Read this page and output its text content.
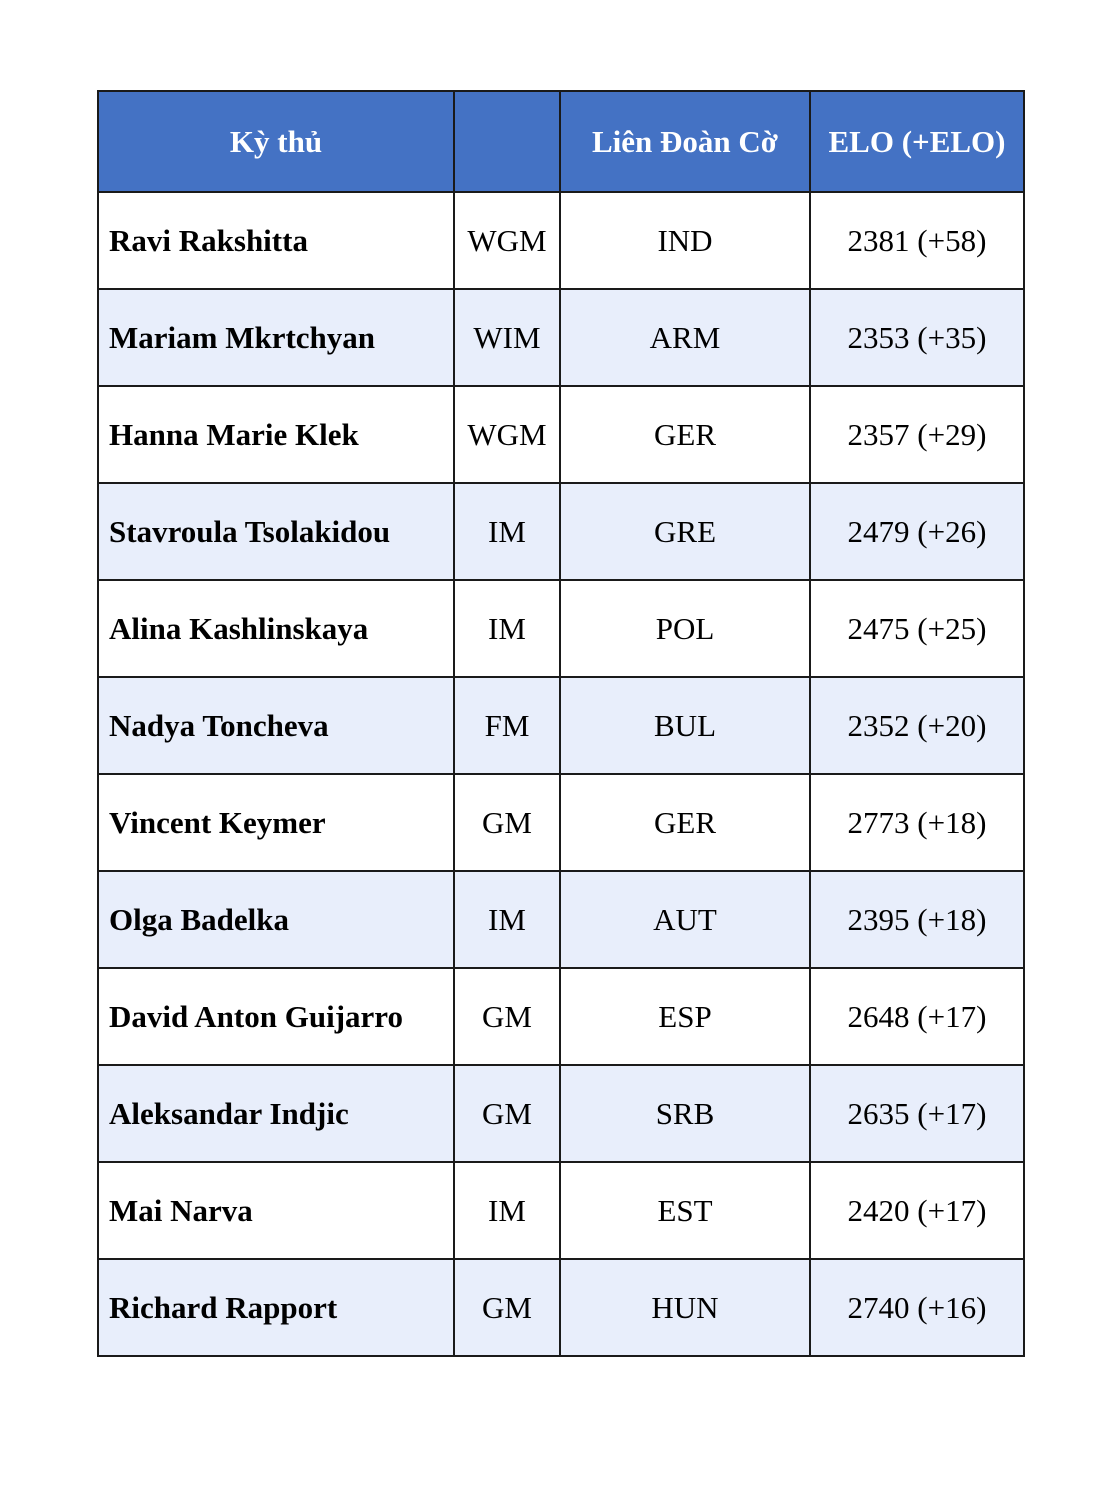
Kỳ thủ		Liên Đoàn Cờ	ELO (+ELO)
Ravi Rakshitta	WGM	IND	2381 (+58)
Mariam Mkrtchyan	WIM	ARM	2353 (+35)
Hanna Marie Klek	WGM	GER	2357 (+29)
Stavroula Tsolakidou	IM	GRE	2479 (+26)
Alina Kashlinskaya	IM	POL	2475 (+25)
Nadya Toncheva	FM	BUL	2352 (+20)
Vincent Keymer	GM	GER	2773 (+18)
Olga Badelka	IM	AUT	2395 (+18)
David Anton Guijarro	GM	ESP	2648 (+17)
Aleksandar Indjic	GM	SRB	2635 (+17)
Mai Narva	IM	EST	2420 (+17)
Richard Rapport	GM	HUN	2740 (+16)
